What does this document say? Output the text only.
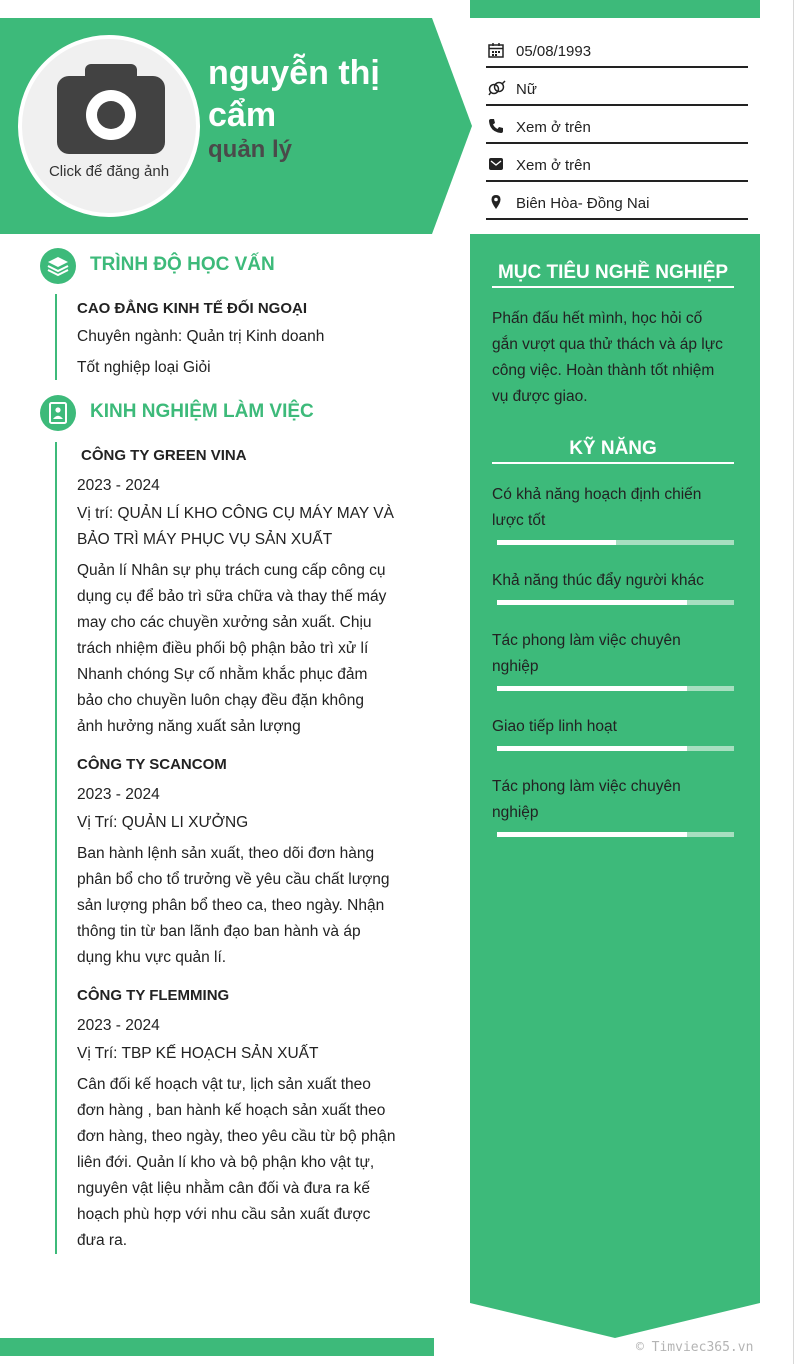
Click để đăng ảnh
nguyễn thị cẩm
quản lý
05/08/1993
Nữ
Xem ở trên
Xem ở trên
Biên Hòa- Đồng Nai
TRÌNH ĐỘ HỌC VẤN
CAO ĐẲNG KINH TẾ ĐỐI NGOẠI
Chuyên ngành: Quản trị Kinh doanh
Tốt nghiệp loại Giỏi
KINH NGHIỆM LÀM VIỆC
CÔNG TY GREEN VINA
2023 - 2024
Vị trí: QUẢN LÍ KHO CÔNG CỤ MÁY MAY VÀ
BẢO TRÌ MÁY PHỤC VỤ SẢN XUẤT
Quản lí Nhân sự phụ trách cung cấp công cụ
dụng cụ để bảo trì sữa chữa và thay thế máy
may cho các chuyền xưởng sản xuất. Chịu
trách nhiệm điều phối bộ phận bảo trì xử lí
Nhanh chóng Sự cố nhằm khắc phục đảm
bảo cho chuyền luôn chạy đều đặn không
ảnh hưởng năng xuất sản lượng
CÔNG TY SCANCOM
2023 - 2024
Vị Trí: QUẢN LI XƯỞNG
Ban hành lệnh sản xuất, theo dõi đơn hàng
phân bổ cho tổ trưởng về yêu cầu chất lượng
sản lượng phân bổ theo ca, theo ngày. Nhận
thông tin từ ban lãnh đạo ban hành và áp
dụng khu vực quản lí.
CÔNG TY FLEMMING
2023 - 2024
Vị Trí: TBP KẾ HOẠCH SẢN XUẤT
Cân đối kế hoạch vật tư, lịch sản xuất theo
đơn hàng , ban hành kế hoạch sản xuất theo
đơn hàng, theo ngày, theo yêu cầu từ bộ phận
liên đới. Quản lí kho và bộ phận kho vật tự,
nguyên vật liệu nhằm cân đối và đưa ra kế
hoạch phù hợp với nhu cầu sản xuất được
đưa ra.
MỤC TIÊU NGHỀ NGHIỆP
Phấn đấu hết mình, học hỏi cố
gắn vượt qua thử thách và áp lực
công việc. Hoàn thành tốt nhiệm
vụ được giao.
KỸ NĂNG
Có khả năng hoạch định chiến
lược tốt
Khả năng thúc đẩy người khác
Tác phong làm việc chuyên
nghiệp
Giao tiếp linh hoạt
Tác phong làm việc chuyên
nghiệp
© Timviec365.vn
